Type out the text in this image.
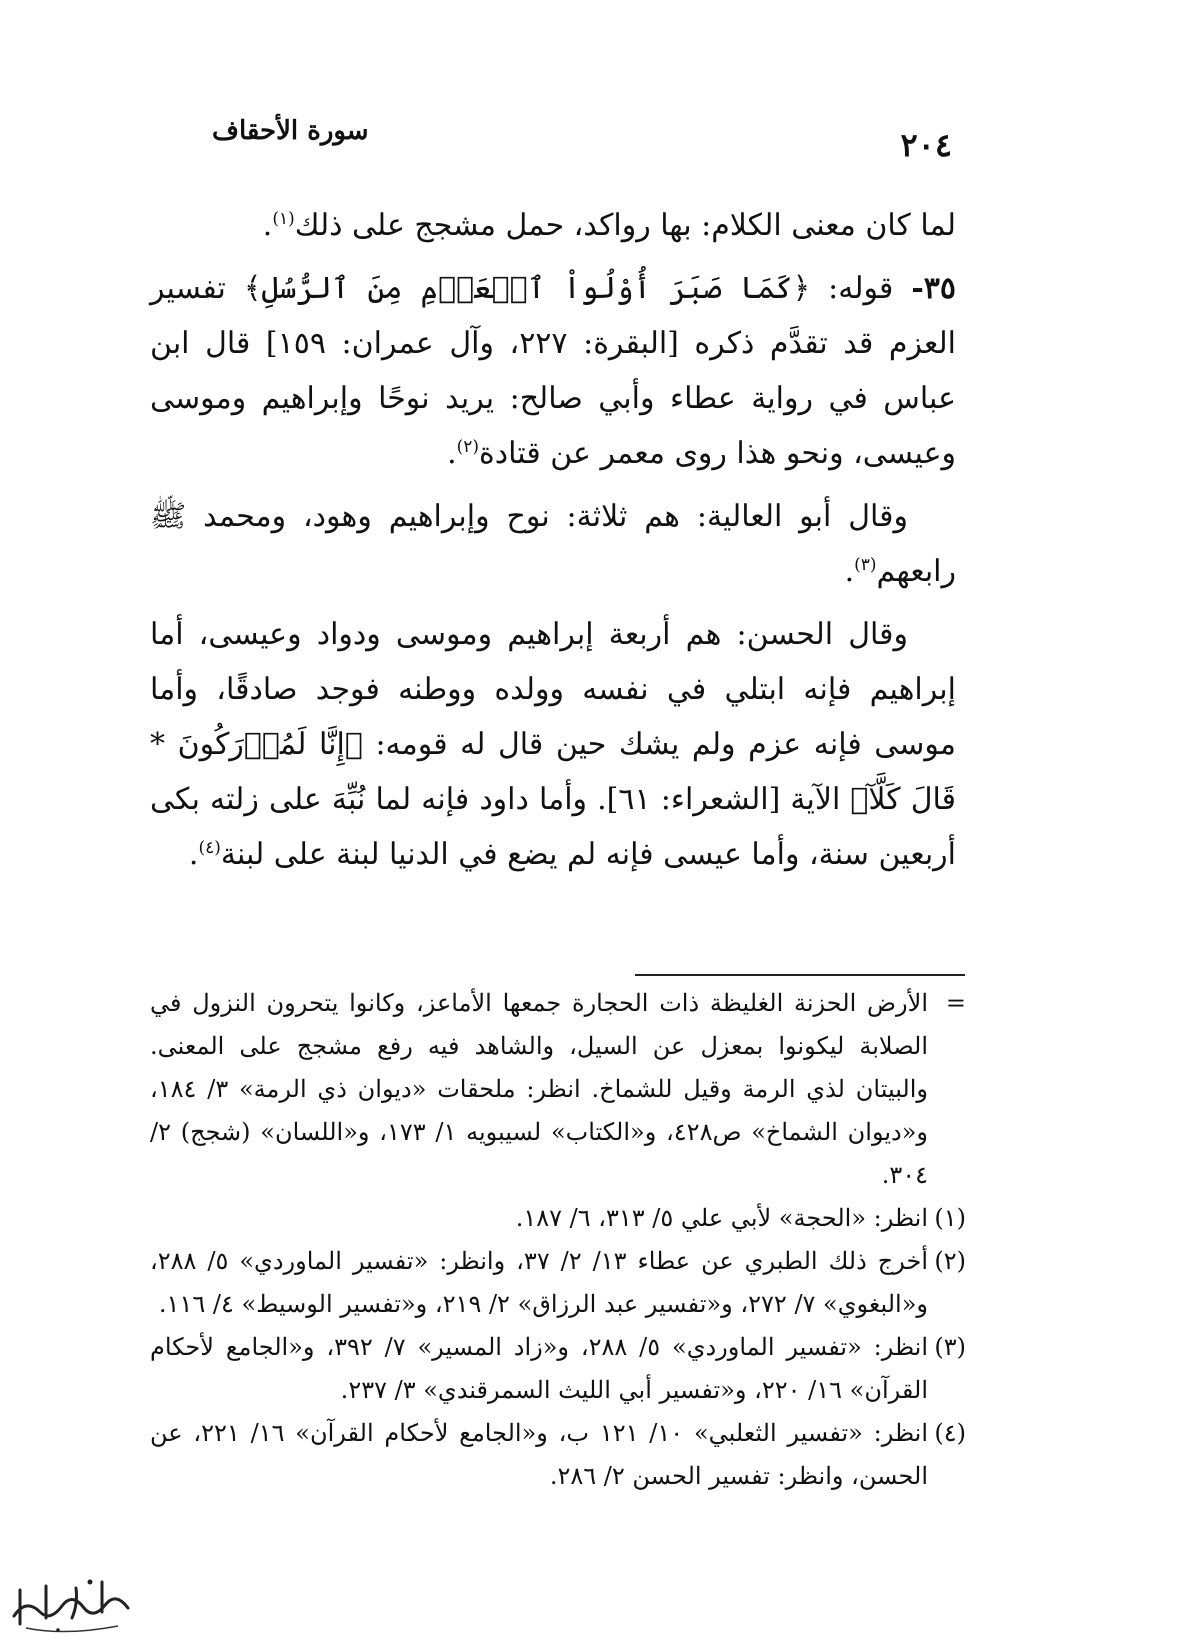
٢٠٤
سورة الأحقاف

لما كان معنى الكلام: بها رواكد، حمل مشجج على ذلك$^{(١)}$.

٣٥- قوله: ﴿كَمَا صَبَرَ أُوْلُواْ ٱلۡعَزۡمِ مِنَ ٱلرُّسُلِ﴾ تفسير العزم قد تقدَّم ذكره [البقرة: ٢٢٧، وآل عمران: ١٥٩] قال ابن عباس في رواية عطاء وأبي صالح: يريد نوحًا وإبراهيم وموسى وعيسى، ونحو هذا روى معمر عن قتادة$^{(٢)}$.

وقال أبو العالية: هم ثلاثة: نوح وإبراهيم وهود، ومحمد ﷺ رابعهم$^{(٣)}$.

وقال الحسن: هم أربعة إبراهيم وموسى ودواد وعيسى، أما إبراهيم فإنه ابتلي في نفسه وولده ووطنه فوجد صادقًا، وأما موسى فإنه عزم ولم يشك حين قال له قومه: ﴿إِنَّا لَمُدۡرَكُونَ * قَالَ كَلَّآ﴾ الآية [الشعراء: ٦١]. وأما داود فإنه لما نُبِّهَ على زلته بكى أربعين سنة، وأما عيسى فإنه لم يضع في الدنيا لبنة على لبنة$^{(٤)}$.

=
الأرض الحزنة الغليظة ذات الحجارة جمعها الأماعز، وكانوا يتحرون النزول في الصلابة ليكونوا بمعزل عن السيل، والشاهد فيه رفع مشجج على المعنى. والبيتان لذي الرمة وقيل للشماخ. انظر: ملحقات «ديوان ذي الرمة» ٣/ ١٨٤، و«ديوان الشماخ» ص٤٢٨، و«الكتاب» لسيبويه ١/ ١٧٣، و«اللسان» (شجج) ٢/ ٣٠٤.
(١)
انظر: «الحجة» لأبي علي ٥/ ٣١٣، ٦/ ١٨٧.
(٢)
أخرج ذلك الطبري عن عطاء ١٣/ ٢/ ٣٧، وانظر: «تفسير الماوردي» ٥/ ٢٨٨، و«البغوي» ٧/ ٢٧٢، و«تفسير عبد الرزاق» ٢/ ٢١٩، و«تفسير الوسيط» ٤/ ١١٦.
(٣)
انظر: «تفسير الماوردي» ٥/ ٢٨٨، و«زاد المسير» ٧/ ٣٩٢، و«الجامع لأحكام القرآن» ١٦/ ٢٢٠، و«تفسير أبي الليث السمرقندي» ٣/ ٢٣٧.
(٤)
انظر: «تفسير الثعلبي» ١٠/ ١٢١ ب، و«الجامع لأحكام القرآن» ١٦/ ٢٢١، عن الحسن، وانظر: تفسير الحسن ٢/ ٢٨٦.
